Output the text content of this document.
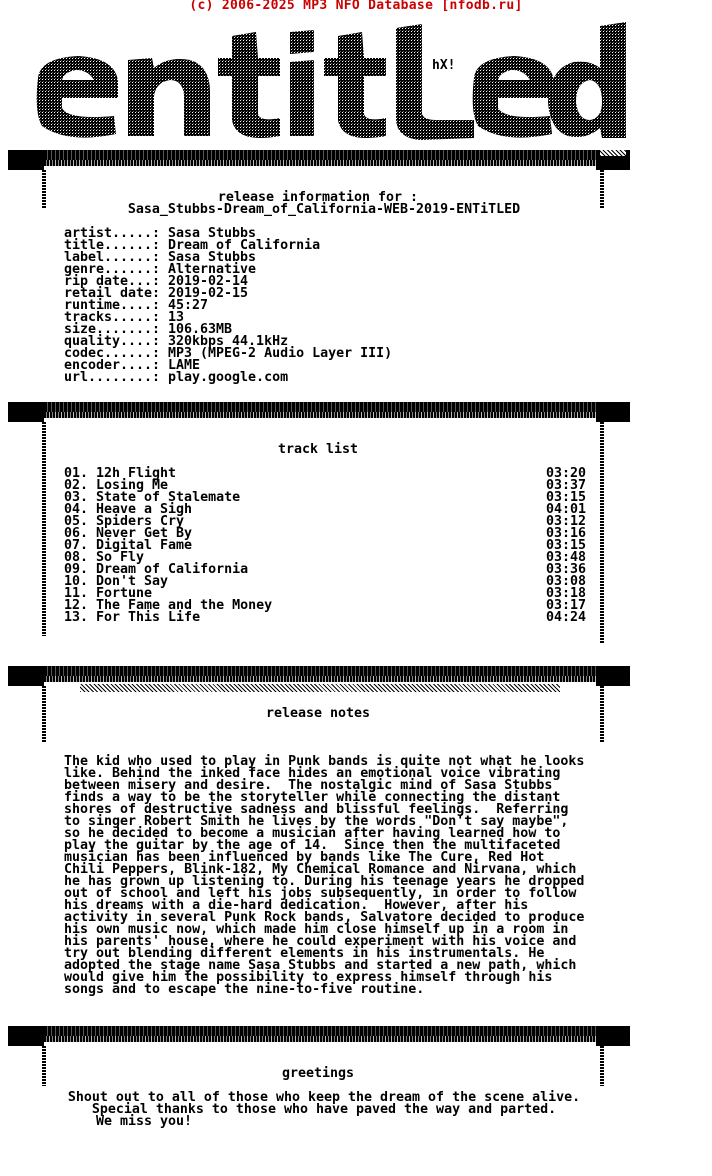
(c) 2006-2025 MP3 NFO Database [nfodb.ru]
hX!
release information for :
Sasa_Stubbs-Dream_of_California-WEB-2019-ENTiTLED
artist.....: Sasa Stubbs
title......: Dream of California
label......: Sasa Stubbs
genre......: Alternative
rip date...: 2019-02-14
retail date: 2019-02-15
runtime....: 45:27
tracks.....: 13
size.......: 106.63MB
quality....: 320kbps 44.1kHz
codec......: MP3 (MPEG-2 Audio Layer III)
encoder....: LAME
url........: play.google.com
track list
01. 12h Flight	03:20
02. Losing Me	03:37
03. State of Stalemate	03:15
04. Heave a Sigh	04:01
05. Spiders Cry	03:12
06. Never Get By	03:16
07. Digital Fame	03:15
08. So Fly	03:48
09. Dream of California	03:36
10. Don't Say	03:08
11. Fortune	03:18
12. The Fame and the Money	03:17
13. For This Life	04:24
release notes
The kid who used to play in Punk bands is quite not what he looks
like. Behind the inked face hides an emotional voice vibrating
between misery and desire.  The nostalgic mind of Sasa Stubbs
finds a way to be the storyteller while connecting the distant
shores of destructive sadness and blissful feelings.  Referring
to singer Robert Smith he lives by the words "Don't say maybe",
so he decided to become a musician after having learned how to
play the guitar by the age of 14.  Since then the multifaceted
musician has been influenced by bands like The Cure, Red Hot
Chili Peppers, Blink-182, My Chemical Romance and Nirvana, which
he has grown up listening to. During his teenage years he dropped
out of school and left his jobs subsequently, in order to follow
his dreams with a die-hard dedication.  However, after his
activity in several Punk Rock bands, Salvatore decided to produce
his own music now, which made him close himself up in a room in
his parents' house, where he could experiment with his voice and
try out blending different elements in his instrumentals. He
adopted the stage name Sasa Stubbs and started a new path, which
would give him the possibility to express himself through his
songs and to escape the nine-to-five routine.
greetings
Shout out to all of those who keep the dream of the scene alive.
Special thanks to those who have paved the way and parted.
We miss you!
